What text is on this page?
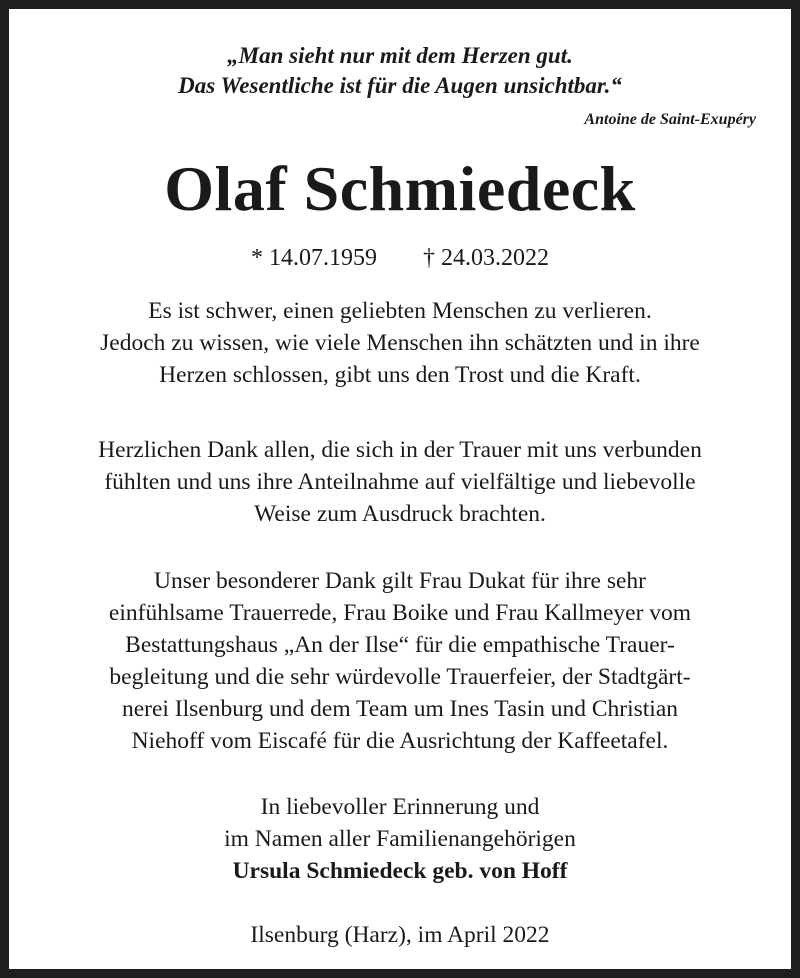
„Man sieht nur mit dem Herzen gut.
Das Wesentliche ist für die Augen unsichtbar.“
Antoine de Saint-Exupéry
Olaf Schmiedeck
* 14.07.1959 † 24.03.2022
Es ist schwer, einen geliebten Menschen zu verlieren.
Jedoch zu wissen, wie viele Menschen ihn schätzten und in ihre
Herzen schlossen, gibt uns den Trost und die Kraft.
Herzlichen Dank allen, die sich in der Trauer mit uns verbunden
fühlten und uns ihre Anteilnahme auf vielfältige und liebevolle
Weise zum Ausdruck brachten.
Unser besonderer Dank gilt Frau Dukat für ihre sehr
einfühlsame Trauerrede, Frau Boike und Frau Kallmeyer vom
Bestattungshaus „An der Ilse“ für die empathische Trauer-
begleitung und die sehr würdevolle Trauerfeier, der Stadtgärt-
nerei Ilsenburg und dem Team um Ines Tasin und Christian
Niehoff vom Eiscafé für die Ausrichtung der Kaffeetafel.
In liebevoller Erinnerung und
im Namen aller Familienangehörigen
Ursula Schmiedeck geb. von Hoff
Ilsenburg (Harz), im April 2022
